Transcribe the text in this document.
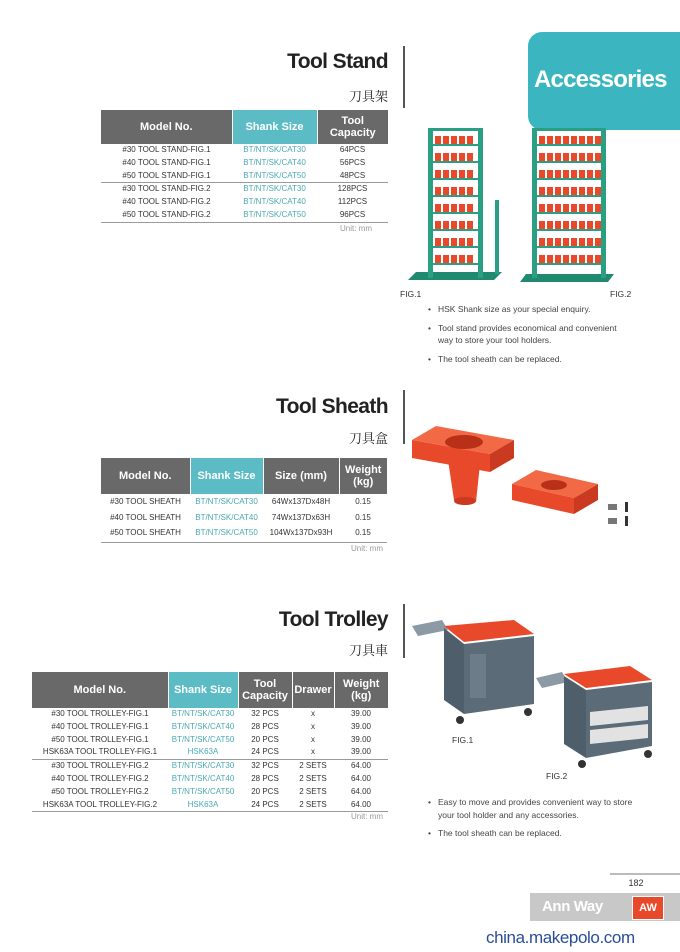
Accessories
Tool Stand
刀具架
Model No.	Shank Size	Tool Capacity
#30 TOOL STAND-FIG.1	BT/NT/SK/CAT30	64PCS
#40 TOOL STAND-FIG.1	BT/NT/SK/CAT40	56PCS
#50 TOOL STAND-FIG.1	BT/NT/SK/CAT50	48PCS
#30 TOOL STAND-FIG.2	BT/NT/SK/CAT30	128PCS
#40 TOOL STAND-FIG.2	BT/NT/SK/CAT40	112PCS
#50 TOOL STAND-FIG.2	BT/NT/SK/CAT50	96PCS
Unit: mm
FIG.1	FIG.2
• HSK Shank size as your special enquiry.
• Tool stand provides economical and convenient way to store your tool holders.
• The tool sheath can be replaced.
Tool Sheath
刀具盒
Model No.	Shank Size	Size (mm)	Weight (kg)
#30 TOOL SHEATH	BT/NT/SK/CAT30	64Wx137Dx48H	0.15
#40 TOOL SHEATH	BT/NT/SK/CAT40	74Wx137Dx63H	0.15
#50 TOOL SHEATH	BT/NT/SK/CAT50	104Wx137Dx93H	0.15
Unit: mm
Tool Trolley
刀具車
Model No.	Shank Size	Tool Capacity	Drawer	Weight (kg)
#30 TOOL TROLLEY-FIG.1	BT/NT/SK/CAT30	32 PCS	x	39.00
#40 TOOL TROLLEY-FIG.1	BT/NT/SK/CAT40	28 PCS	x	39.00
#50 TOOL TROLLEY-FIG.1	BT/NT/SK/CAT50	20 PCS	x	39.00
HSK63A TOOL TROLLEY-FIG.1	HSK63A	24 PCS	x	39.00
#30 TOOL TROLLEY-FIG.2	BT/NT/SK/CAT30	32 PCS	2 SETS	64.00
#40 TOOL TROLLEY-FIG.2	BT/NT/SK/CAT40	28 PCS	2 SETS	64.00
#50 TOOL TROLLEY-FIG.2	BT/NT/SK/CAT50	20 PCS	2 SETS	64.00
HSK63A TOOL TROLLEY-FIG.2	HSK63A	24 PCS	2 SETS	64.00
Unit: mm
FIG.1
FIG.2
• Easy to move and provides convenient way to store your tool holder and any accessories.
• The tool sheath can be replaced.
182
Ann Way	AW
china.makepolo.com
